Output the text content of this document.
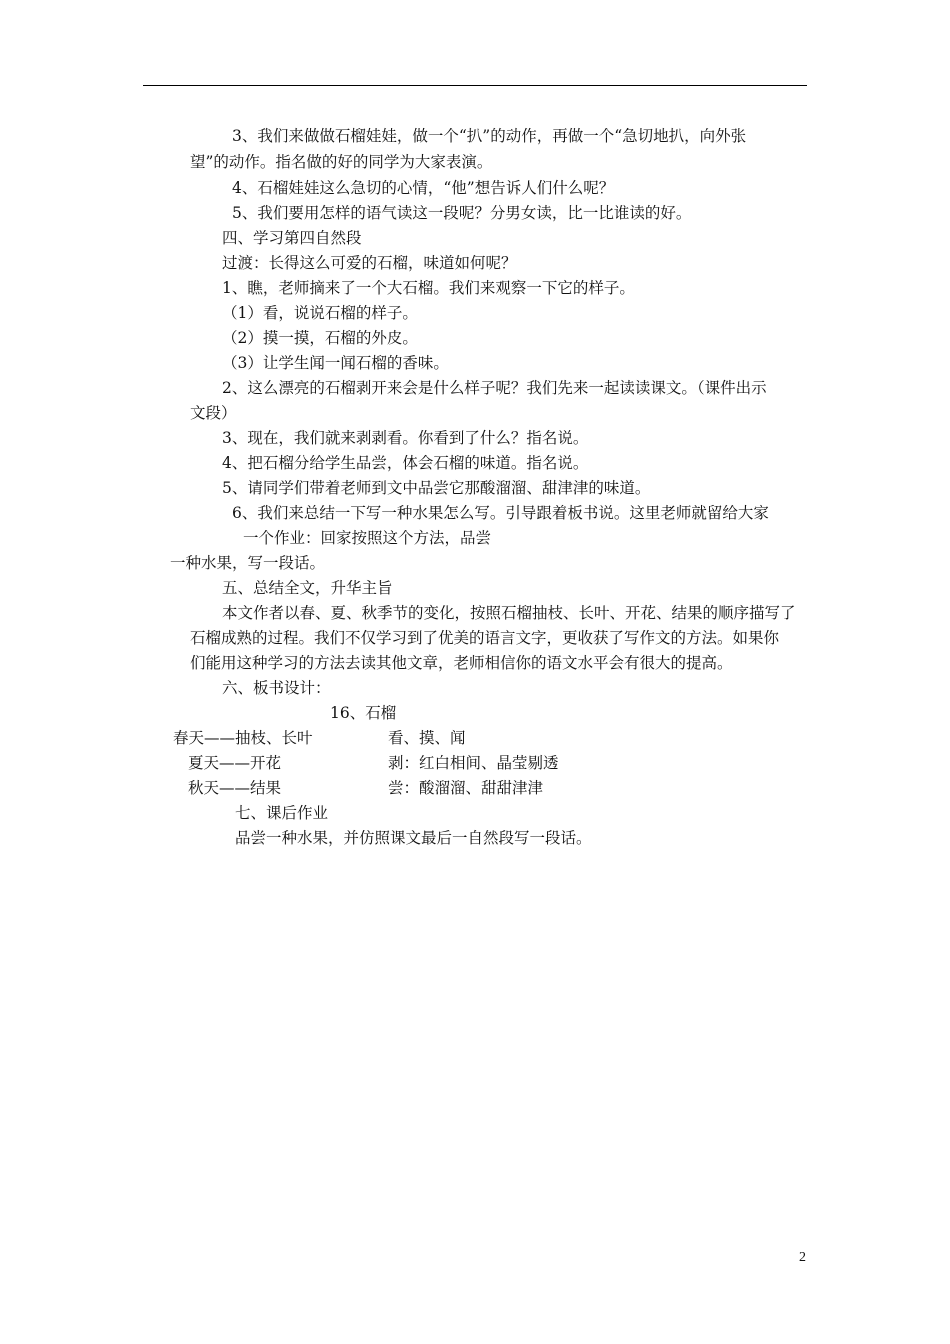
3、我们来做做石榴娃娃，做一个“扒”的动作，再做一个“急切地扒，向外张
望”的动作。指名做的好的同学为大家表演。
4、石榴娃娃这么急切的心情，“他”想告诉人们什么呢？
5、我们要用怎样的语气读这一段呢？分男女读，比一比谁读的好。
四、学习第四自然段
过渡：长得这么可爱的石榴，味道如何呢？
1、瞧，老师摘来了一个大石榴。我们来观察一下它的样子。
（1）看，说说石榴的样子。
（2）摸一摸，石榴的外皮。
（3）让学生闻一闻石榴的香味。
2、这么漂亮的石榴剥开来会是什么样子呢？我们先来一起读读课文。（课件出示
文段）
3、现在，我们就来剥剥看。你看到了什么？指名说。
4、把石榴分给学生品尝，体会石榴的味道。指名说。
5、请同学们带着老师到文中品尝它那酸溜溜、甜津津的味道。
6、我们来总结一下写一种水果怎么写。引导跟着板书说。这里老师就留给大家
一个作业：回家按照这个方法，品尝
一种水果，写一段话。
五、总结全文，升华主旨
本文作者以春、夏、秋季节的变化，按照石榴抽枝、长叶、开花、结果的顺序描写了
石榴成熟的过程。我们不仅学习到了优美的语言文字，更收获了写作文的方法。如果你
们能用这种学习的方法去读其他文章，老师相信你的语文水平会有很大的提高。
六、板书设计：
16、石榴
春天——抽枝、长叶	看、摸、闻
夏天——开花	剥：红白相间、晶莹剔透
秋天——结果	尝：酸溜溜、甜甜津津
七、课后作业
品尝一种水果，并仿照课文最后一自然段写一段话。
2
